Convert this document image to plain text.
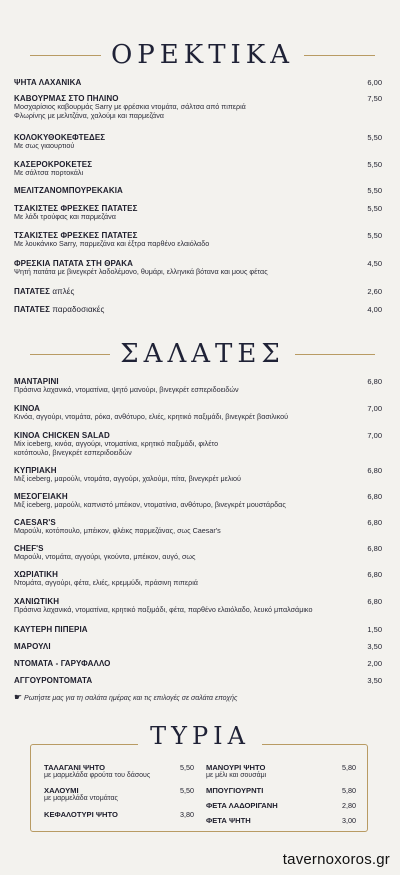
ΟΡΕΚΤΙΚΑ
ΨΗΤΑ ΛΑΧΑΝΙΚΑ	6,00
ΚΑΒΟΥΡΜΑΣ ΣΤΟ ΠΗΛΙΝΟ
Μοσχαρίσιος καβουρμάς Sarry με φρέσκια ντομάτα, σάλτσα από πιπεριά Φλωρίνης με μελιτζάνα, χαλούμι και παρμεζάνα
7,50
ΚΟΛΟΚΥΘΟΚΕΦΤΕΔΕΣ
Με σως γιαουρτιού
5,50
ΚΑΣΕΡΟΚΡΟΚΕΤΕΣ
Με σάλτσα πορτοκάλι
5,50
ΜΕΛΙΤΖΑΝΟΜΠΟΥΡΕΚΑΚΙΑ	5,50
ΤΣΑΚΙΣΤΕΣ ΦΡΕΣΚΕΣ ΠΑΤΑΤΕΣ
Με λάδι τρούφας και παρμεζάνα
5,50
ΤΣΑΚΙΣΤΕΣ ΦΡΕΣΚΕΣ ΠΑΤΑΤΕΣ
Με λουκάνικο Sarry, παρμεζάνα και έξτρα παρθένο ελαιόλαδο
5,50
ΦΡΕΣΚΙΑ ΠΑΤΑΤΑ ΣΤΗ ΘΡΑΚΑ
Ψητή πατάτα με βινεγκρέτ λαδολέμονο, θυμάρι, ελληνικά βότανα και μους φέτας
4,50
ΠΑΤΑΤΕΣ απλές	2,60
ΠΑΤΑΤΕΣ παραδοσιακές	4,00
ΣΑΛΑΤΕΣ
ΜΑΝΤΑΡΙΝΙ
Πράσινα λαχανικά, ντοματίνια, ψητό μανούρι, βινεγκρέτ εσπεριδοειδών
6,80
ΚΙΝΟΑ
Κινόα, αγγούρι, ντομάτα, ρόκα, ανθότυρο, ελιές, κρητικό παξιμάδι, βινεγκρέτ βασιλικού
7,00
ΚΙΝΟΑ CHICKEN SALAD
Mix iceberg, κινόα, αγγούρι, ντοματίνια, κρητικό παξιμάδι, φιλέτο κοτόπουλο, βινεγκρέτ εσπεριδοειδών
7,00
ΚΥΠΡΙΑΚΗ
Μιξ iceberg, μαρούλι, ντομάτα, αγγούρι, χαλούμι, πίτα, βινεγκρέτ μελιού
6,80
ΜΕΣΟΓΕΙΑΚΗ
Μιξ iceberg, μαρούλι, καπνιστό μπέικον, ντοματίνια, ανθότυρο, βινεγκρέτ μουστάρδας
6,80
CAESAR'S
Μαρούλι, κοτόπουλο, μπέικον, φλέικς παρμεζάνας, σως Caesar's
6,80
CHEF'S
Μαρούλι, ντομάτα, αγγούρι, γκούντα, μπέικον, αυγό, σως
6,80
ΧΩΡΙΑΤΙΚΗ
Ντομάτα, αγγούρι, φέτα, ελιές, κρεμμύδι, πράσινη πιπεριά
6,80
ΧΑΝΙΩΤΙΚΗ
Πράσινα λαχανικά, ντοματίνια, κρητικό παξιμάδι, φέτα, παρθένο ελαιόλαδο, λευκό μπαλσάμικο
6,80
ΚΑΥΤΕΡΗ ΠΙΠΕΡΙΑ	1,50
ΜΑΡΟΥΛΙ	3,50
ΝΤΟΜΑΤΑ - ΓΑΡΥΦΑΛΛΟ	2,00
ΑΓΓΟΥΡΟΝΤΟΜΑΤΑ	3,50
☛ Ρωτήστε μας για τη σαλάτα ημέρας και τις επιλογές σε σαλάτα εποχής
ΤΥΡΙΑ
ΤΑΛΑΓΑΝΙ ΨΗΤΟ
με μαρμελάδα φρούτα του δάσους
5,50
ΧΑΛΟΥΜΙ
με μαρμελάδα ντομάτας
5,50
ΚΕΦΑΛΟΤΥΡΙ ΨΗΤΟ	3,80
ΜΑΝΟΥΡΙ ΨΗΤΟ
με μέλι και σουσάμι
5,80
ΜΠΟΥΓΙΟΥΡΝΤΙ	5,80
ΦΕΤΑ ΛΑΔΟΡΙΓΑΝΗ	2,80
ΦΕΤΑ ΨΗΤΗ	3,00
tavernoxoros.gr
